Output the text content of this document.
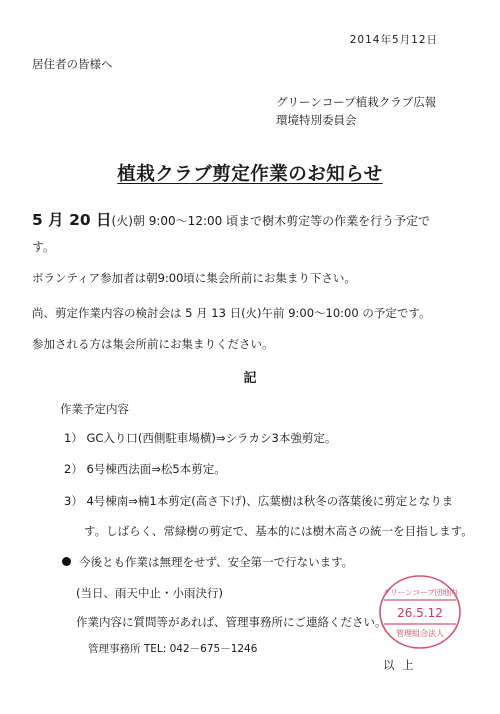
2014年5月12日
居住者の皆様へ
グリーンコープ植栽クラブ広報
環境特別委員会
植栽クラブ剪定作業のお知らせ
5 月 20 日(火)朝 9:00～12:00 頃まで樹木剪定等の作業を行う予定で
す。
ボランティア参加者は朝9:00頃に集会所前にお集まり下さい。
尚、剪定作業内容の検討会は 5 月 13 日(火)午前 9:00～10:00 の予定です。
参加される方は集会所前にお集まりください。
記
作業予定内容
1） GC入り口(西側駐車場横)⇒シラカシ3本強剪定。
2） 6号棟西法面⇒松5本剪定。
3） 4号棟南⇒楠1本剪定(高さ下げ)、広葉樹は秋冬の落葉後に剪定となりま
す。しばらく、常緑樹の剪定で、基本的には樹木高さの統一を目指します。
今後とも作業は無理をせず、安全第一で行ないます。
(当日、雨天中止・小雨決行)
作業内容に質問等があれば、管理事務所にご連絡ください。
管理事務所 TEL: 042－675－1246
以 上
グリーンコープ団地内
26.5.12
管理組合法人
